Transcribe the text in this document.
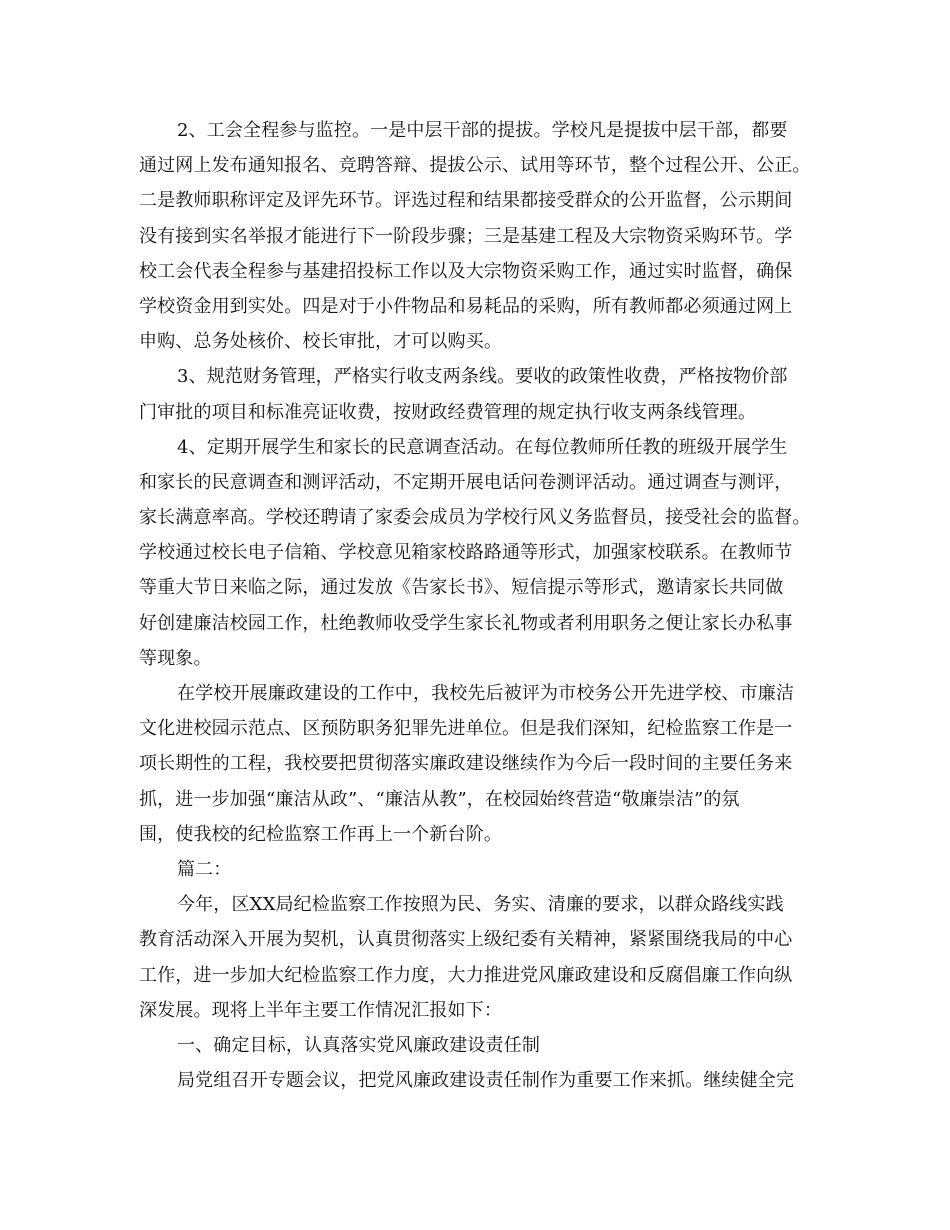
2、工会全程参与监控。一是中层干部的提拔。学校凡是提拔中层干部，都要
通过网上发布通知报名、竞聘答辩、提拔公示、试用等环节，整个过程公开、公正。
二是教师职称评定及评先环节。评选过程和结果都接受群众的公开监督，公示期间
没有接到实名举报才能进行下一阶段步骤；三是基建工程及大宗物资采购环节。学
校工会代表全程参与基建招投标工作以及大宗物资采购工作，通过实时监督，确保
学校资金用到实处。四是对于小件物品和易耗品的采购，所有教师都必须通过网上
申购、总务处核价、校长审批，才可以购买。
3、规范财务管理，严格实行收支两条线。要收的政策性收费，严格按物价部
门审批的项目和标准亮证收费，按财政经费管理的规定执行收支两条线管理。
4、定期开展学生和家长的民意调查活动。在每位教师所任教的班级开展学生
和家长的民意调查和测评活动，不定期开展电话问卷测评活动。通过调查与测评，
家长满意率高。学校还聘请了家委会成员为学校行风义务监督员，接受社会的监督。
学校通过校长电子信箱、学校意见箱家校路路通等形式，加强家校联系。在教师节
等重大节日来临之际，通过发放《告家长书》、短信提示等形式，邀请家长共同做
好创建廉洁校园工作，杜绝教师收受学生家长礼物或者利用职务之便让家长办私事
等现象。
在学校开展廉政建设的工作中，我校先后被评为市校务公开先进学校、市廉洁
文化进校园示范点、区预防职务犯罪先进单位。但是我们深知，纪检监察工作是一
项长期性的工程，我校要把贯彻落实廉政建设继续作为今后一段时间的主要任务来
抓，进一步加强“廉洁从政”、“廉洁从教”，在校园始终营造“敬廉崇洁”的氛
围，使我校的纪检监察工作再上一个新台阶。
篇二：
今年，区XX局纪检监察工作按照为民、务实、清廉的要求，以群众路线实践
教育活动深入开展为契机，认真贯彻落实上级纪委有关精神，紧紧围绕我局的中心
工作，进一步加大纪检监察工作力度，大力推进党风廉政建设和反腐倡廉工作向纵
深发展。现将上半年主要工作情况汇报如下：
一、确定目标，认真落实党风廉政建设责任制
局党组召开专题会议，把党风廉政建设责任制作为重要工作来抓。继续健全完
